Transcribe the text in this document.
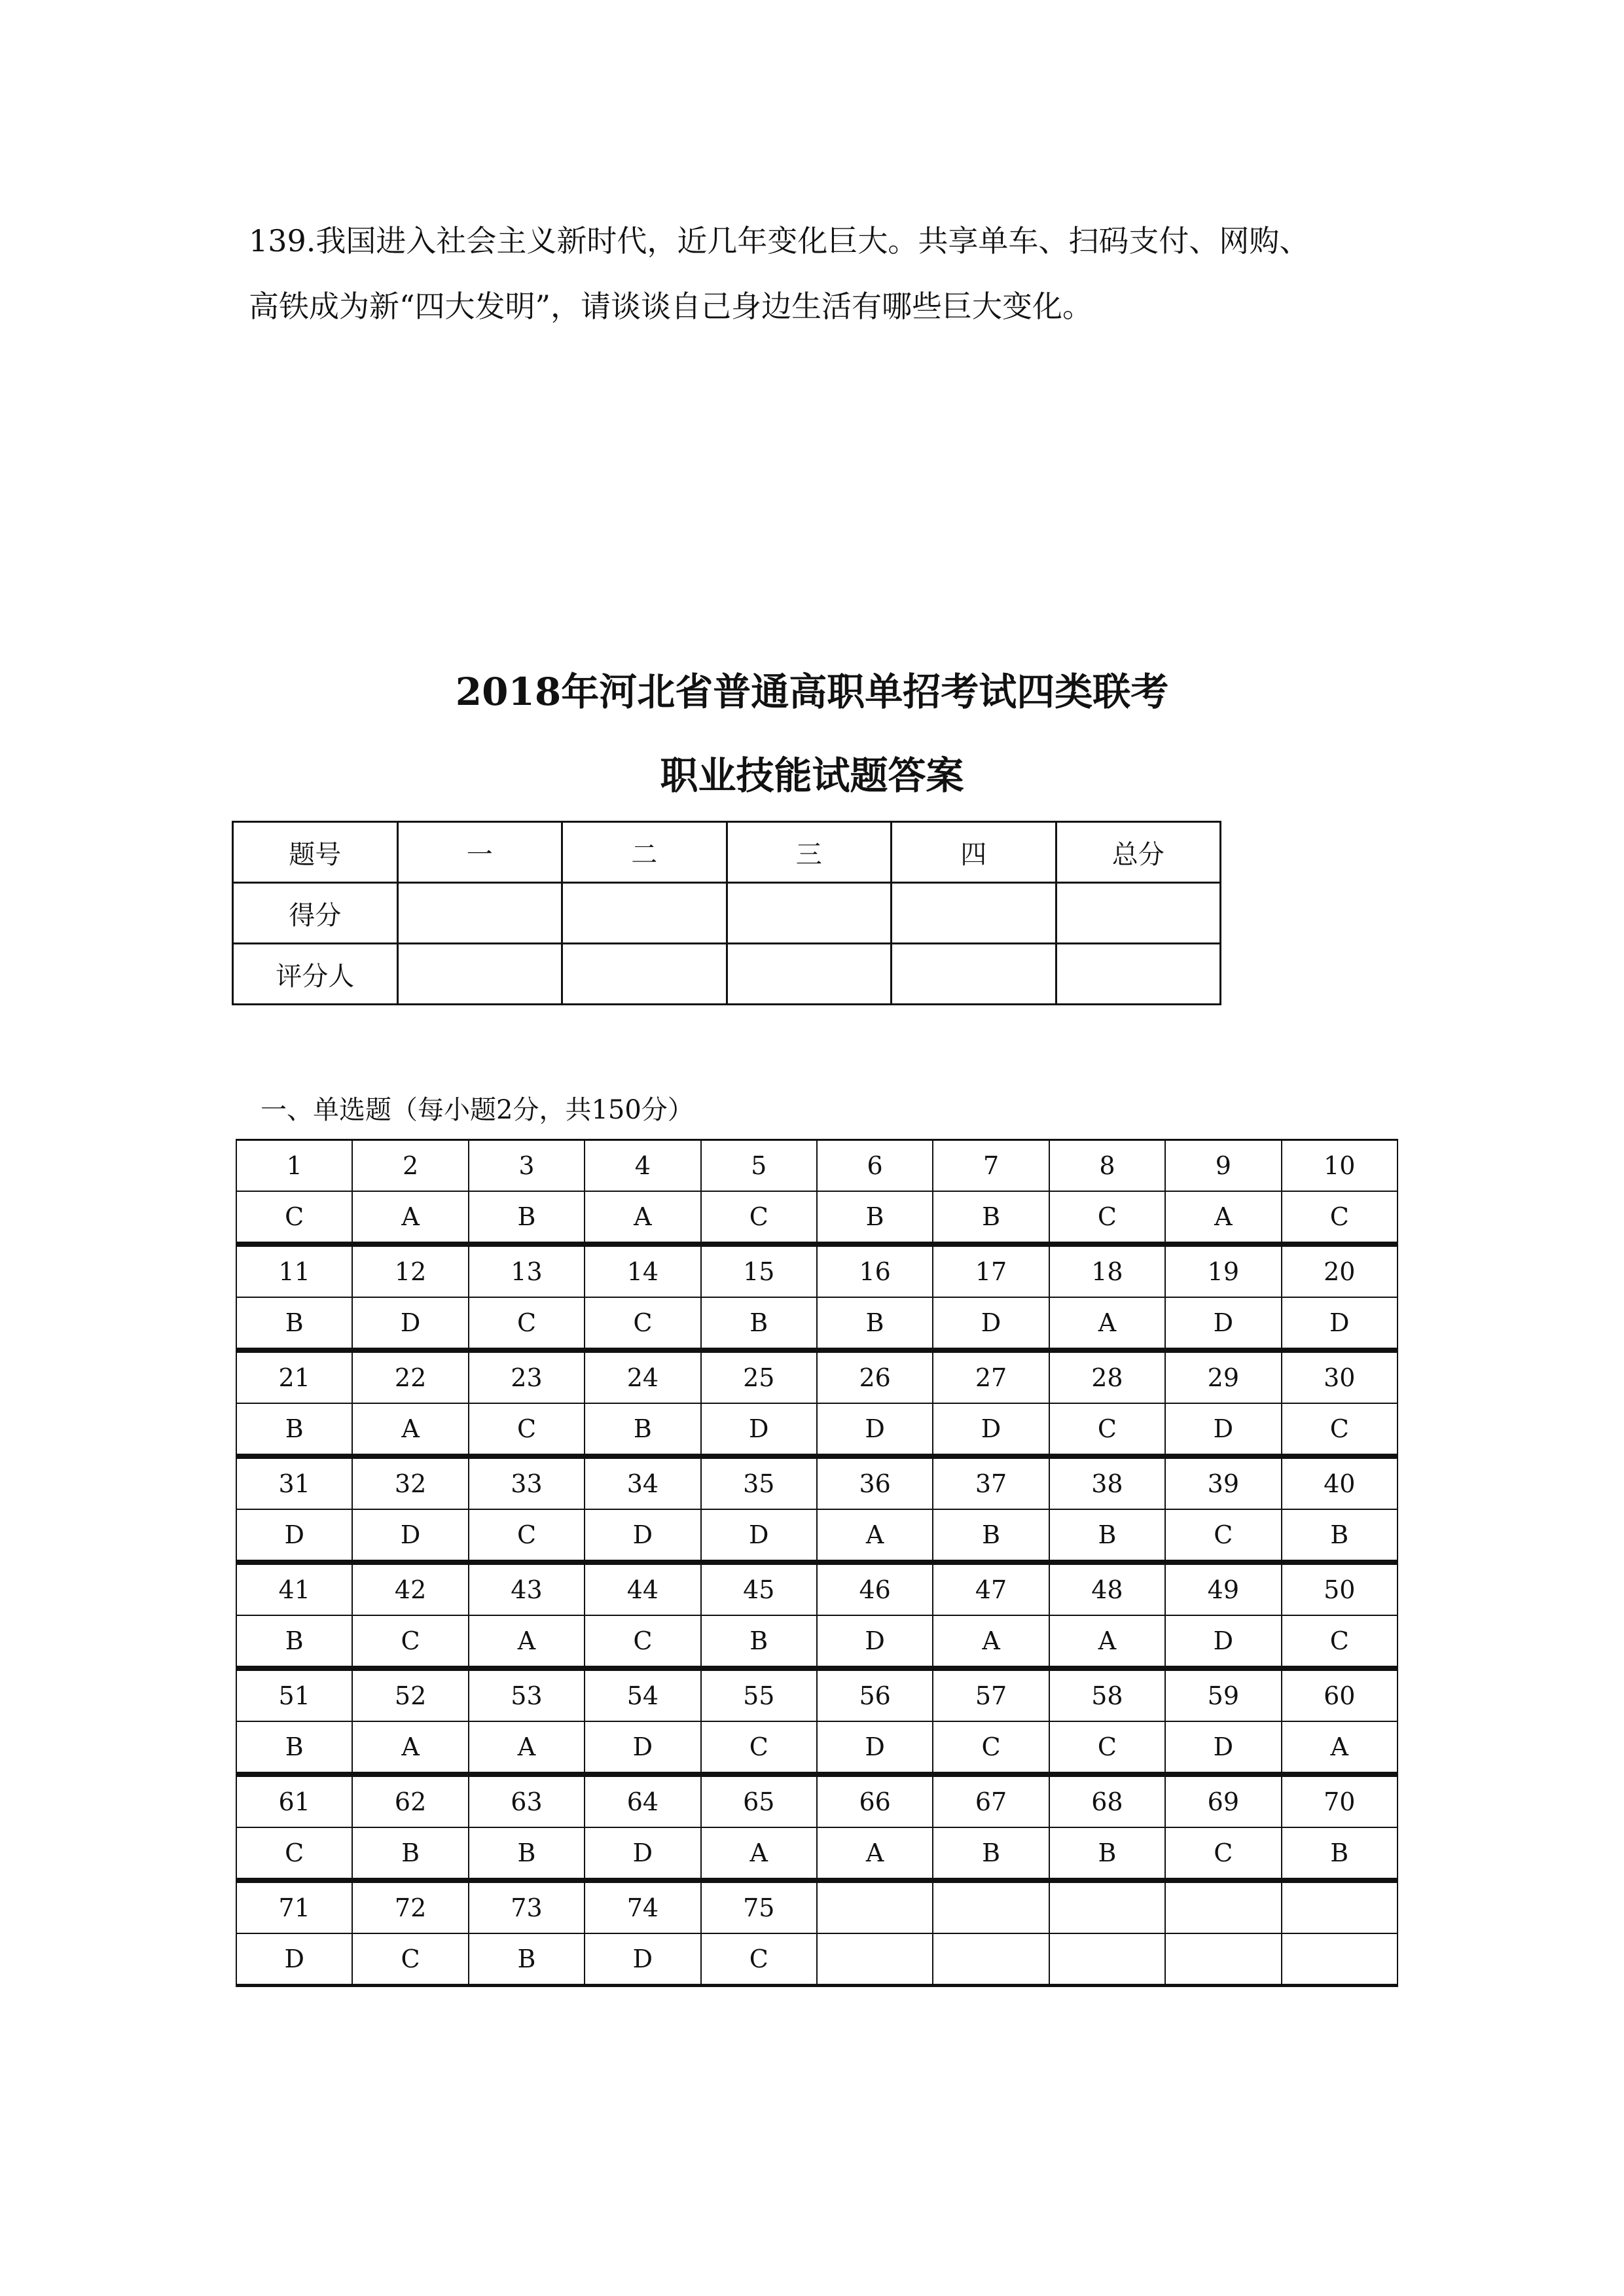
139.我国进入社会主义新时代，近几年变化巨大。共享单车、扫码支付、网购、

高铁成为新“四大发明”，请谈谈自己身边生活有哪些巨大变化。

2018年河北省普通高职单招考试四类联考
职业技能试题答案
题号	一	二	三	四	总分
得分					
评分人					

一、单选题（每小题2分，共150分）

1	2	3	4	5	6	7	8	9	10
C	A	B	A	C	B	B	C	A	C
11	12	13	14	15	16	17	18	19	20
B	D	C	C	B	B	D	A	D	D
21	22	23	24	25	26	27	28	29	30
B	A	C	B	D	D	D	C	D	C
31	32	33	34	35	36	37	38	39	40
D	D	C	D	D	A	B	B	C	B
41	42	43	44	45	46	47	48	49	50
B	C	A	C	B	D	A	A	D	C
51	52	53	54	55	56	57	58	59	60
B	A	A	D	C	D	C	C	D	A
61	62	63	64	65	66	67	68	69	70
C	B	B	D	A	A	B	B	C	B
71	72	73	74	75					
D	C	B	D	C					
